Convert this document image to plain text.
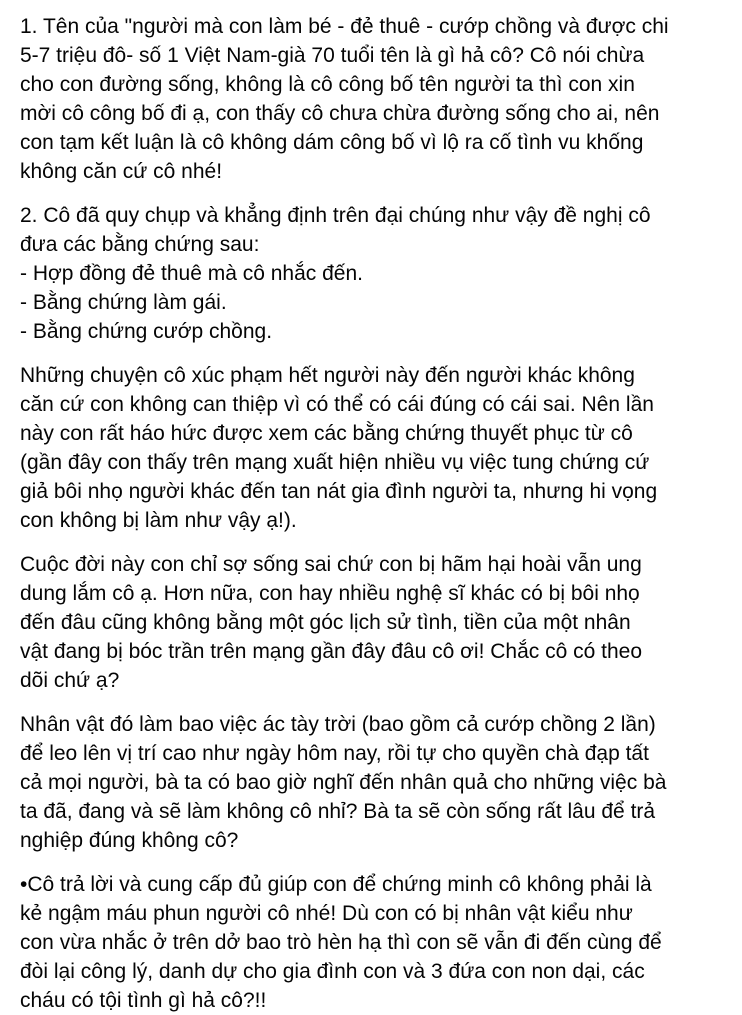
1. Tên của "người mà con làm bé - đẻ thuê - cướp chồng và được chi
5-7 triệu đô- số 1 Việt Nam-già 70 tuổi tên là gì hả cô? Cô nói chừa
cho con đường sống, không là cô công bố tên người ta thì con xin
mời cô công bố đi ạ, con thấy cô chưa chừa đường sống cho ai, nên
con tạm kết luận là cô không dám công bố vì lộ ra cố tình vu khống
không căn cứ cô nhé!
2. Cô đã quy chụp và khẳng định trên đại chúng như vậy đề nghị cô
đưa các bằng chứng sau:
- Hợp đồng đẻ thuê mà cô nhắc đến.
- Bằng chứng làm gái.
- Bằng chứng cướp chồng.
Những chuyện cô xúc phạm hết người này đến người khác không
căn cứ con không can thiệp vì có thể có cái đúng có cái sai. Nên lần
này con rất háo hức được xem các bằng chứng thuyết phục từ cô
(gần đây con thấy trên mạng xuất hiện nhiều vụ việc tung chứng cứ
giả bôi nhọ người khác đến tan nát gia đình người ta, nhưng hi vọng
con không bị làm như vậy ạ!).
Cuộc đời này con chỉ sợ sống sai chứ con bị hãm hại hoài vẫn ung
dung lắm cô ạ. Hơn nữa, con hay nhiều nghệ sĩ khác có bị bôi nhọ
đến đâu cũng không bằng một góc lịch sử tình, tiền của một nhân
vật đang bị bóc trần trên mạng gần đây đâu cô ơi! Chắc cô có theo
dõi chứ ạ?
Nhân vật đó làm bao việc ác tày trời (bao gồm cả cướp chồng 2 lần)
để leo lên vị trí cao như ngày hôm nay, rồi tự cho quyền chà đạp tất
cả mọi người, bà ta có bao giờ nghĩ đến nhân quả cho những việc bà
ta đã, đang và sẽ làm không cô nhỉ? Bà ta sẽ còn sống rất lâu để trả
nghiệp đúng không cô?
•Cô trả lời và cung cấp đủ giúp con để chứng minh cô không phải là
kẻ ngậm máu phun người cô nhé! Dù con có bị nhân vật kiểu như
con vừa nhắc ở trên dở bao trò hèn hạ thì con sẽ vẫn đi đến cùng để
đòi lại công lý, danh dự cho gia đình con và 3 đứa con non dại, các
cháu có tội tình gì hả cô?!!
